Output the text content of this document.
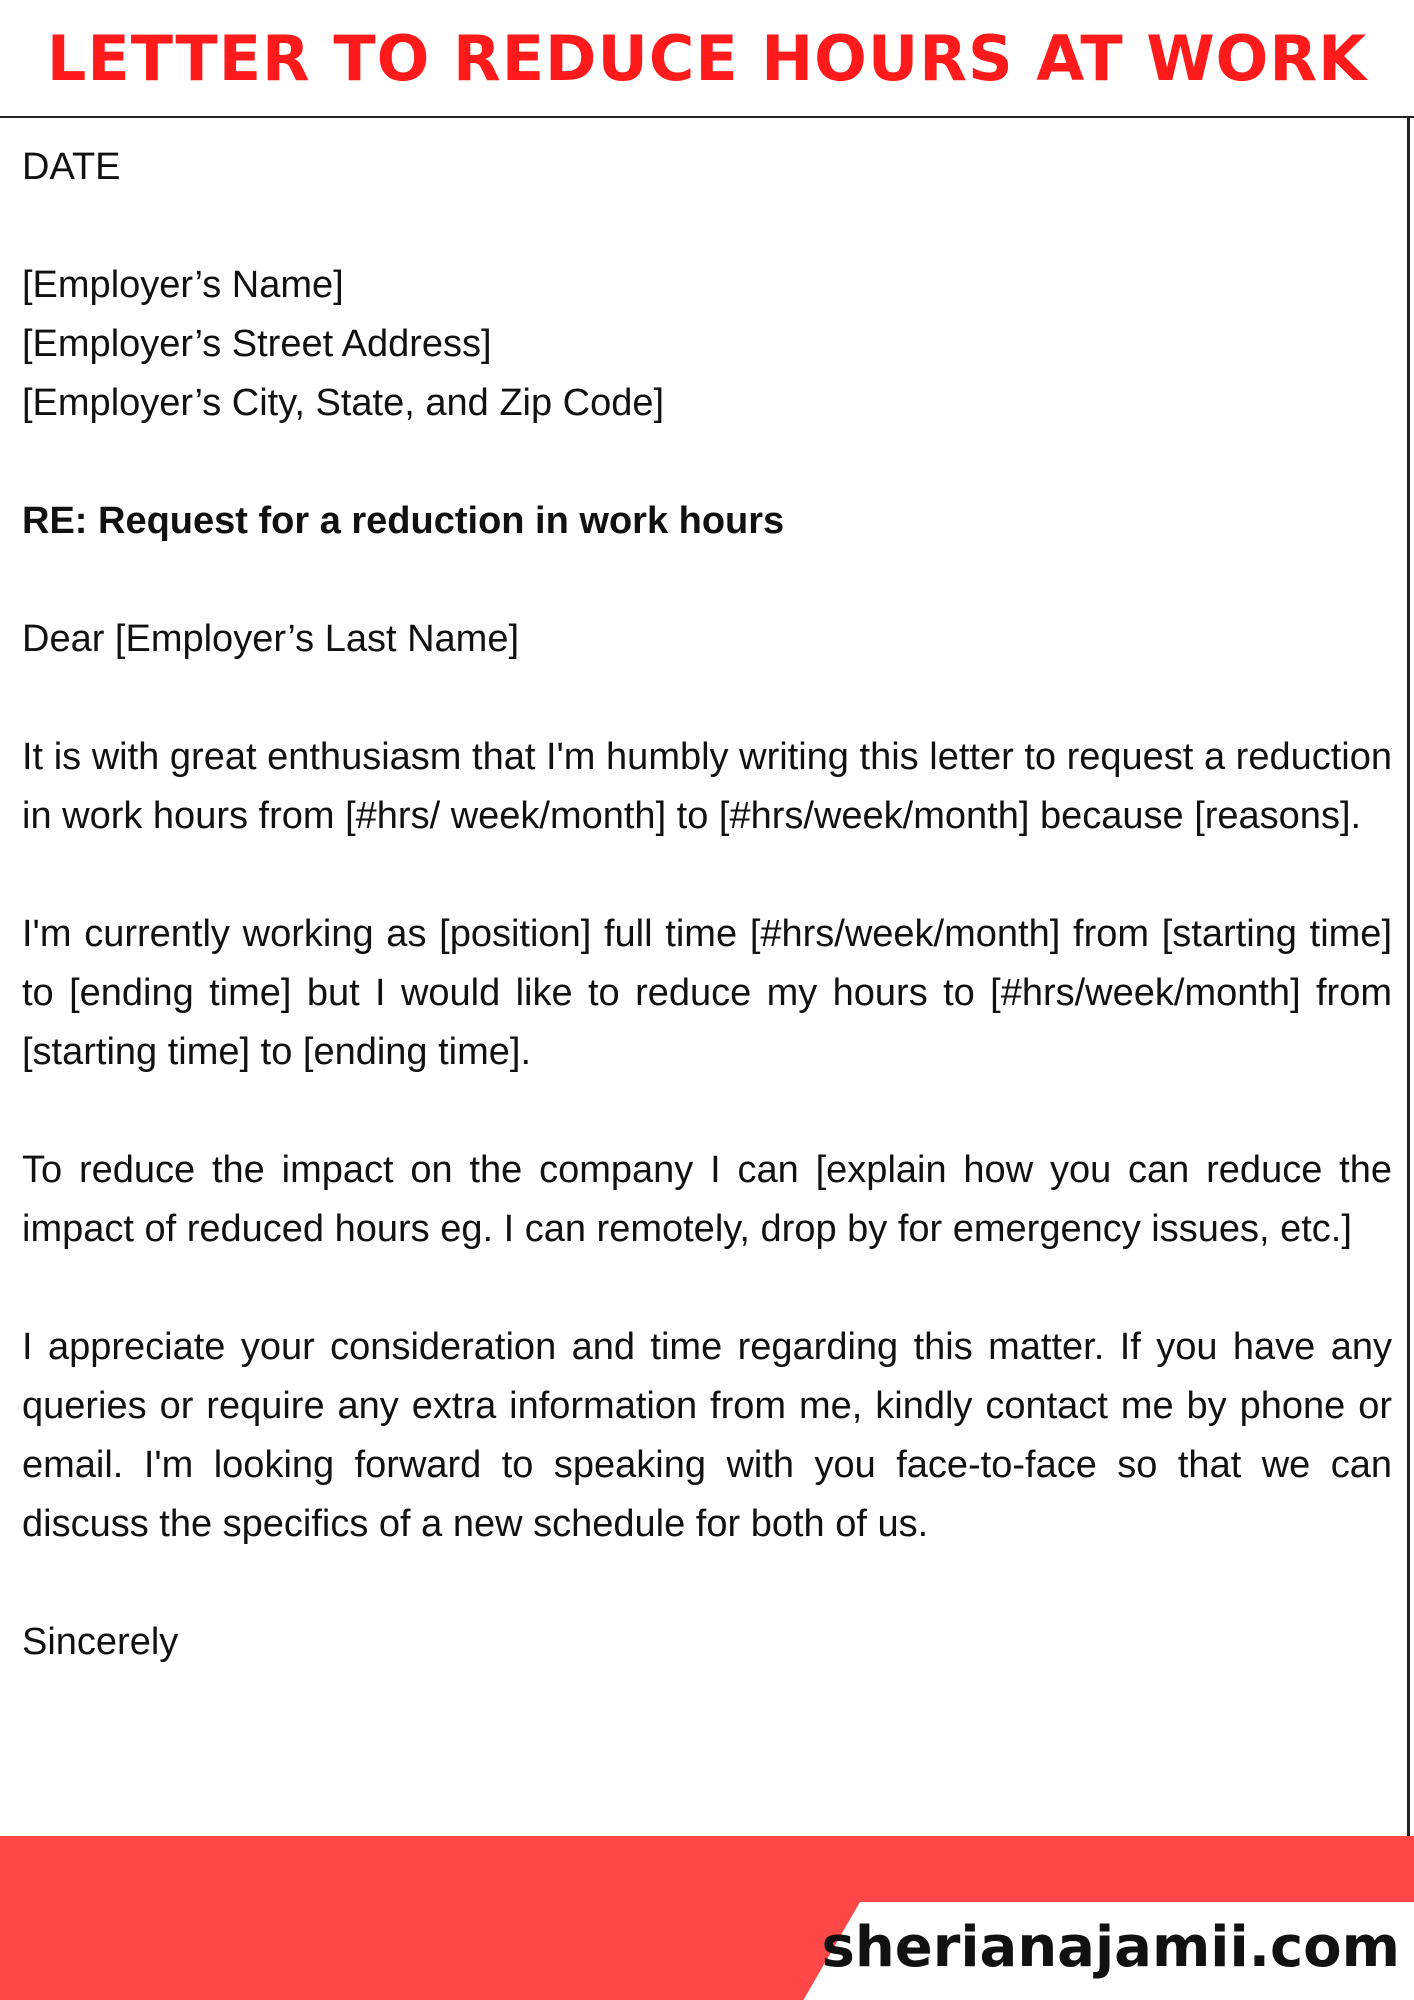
LETTER TO REDUCE HOURS AT WORK

DATE

[Employer’s Name]

[Employer’s Street Address]

[Employer’s City, State, and Zip Code]

RE: Request for a reduction in work hours

Dear [Employer’s Last Name]

It is with great enthusiasm that I'm humbly writing this letter to request a reduction in work hours from [#hrs/ week/month] to [#hrs/week/month] because [reasons].

I'm currently working as [position] full time [#hrs/week/month] from [starting time] to [ending time] but I would like to reduce my hours to [#hrs/week/month] from [starting time] to [ending time].

To reduce the impact on the company I can [explain how you can reduce the impact of reduced hours eg. I can remotely, drop by for emergency issues, etc.]

I appreciate your consideration and time regarding this matter. If you have any queries or require any extra information from me, kindly contact me by phone or email. I'm looking forward to speaking with you face-to-face so that we can discuss the specifics of a new schedule for both of us.

Sincerely

sherianajamii.com
